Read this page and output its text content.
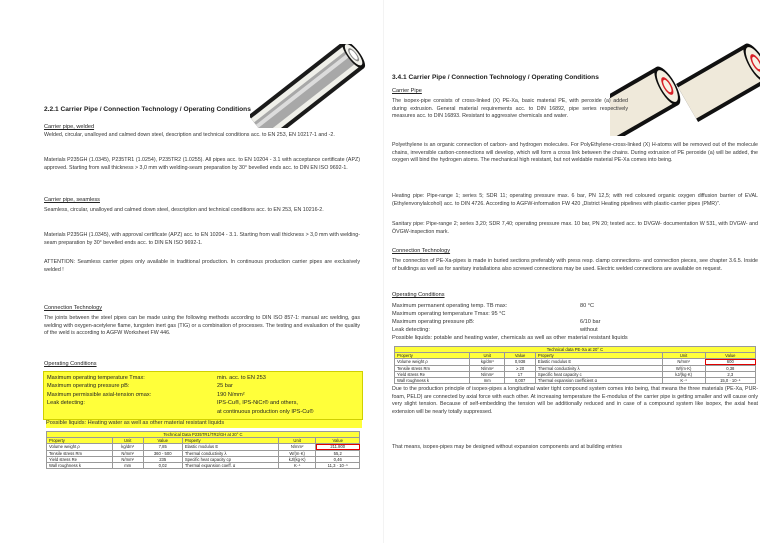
2.2.1 Carrier Pipe / Connection Technology / Operating Conditions
Carrier pipe, welded
Welded, circular, unalloyed and calmed down steel, description and technical conditions acc. to EN 253, EN 10217-1 and -2.
Materials P235GH (1.0345), P235TR1 (1.0254), P235TR2 (1.0255). All pipes acc. to EN 10204 - 3.1 with acceptance certificate (APZ) approved. Starting from wall thickness > 3,0 mm with welding-seam preparation by 30° bevelled ends acc. to DIN EN ISO 9692-1.
Carrier pipe, seamless
Seamless, circular, unalloyed and calmed down steel, description and technical conditions acc. to EN 253, EN 10216-2.
Materials P235GH (1.0345), with approval certificate (APZ) acc. to EN 10204 - 3.1. Starting from wall thickness > 3,0 mm with welding-seam preparation by 30° bevelled ends acc. to DIN EN ISO 9692-1.
ATTENTION: Seamless carrier pipes only available in traditional production. In continuous production carrier pipes are exclusively welded !
Connection Technology
The joints between the steel pipes can be made using the following methods according to DIN ISO 857-1: manual arc welding, gas welding with oxygen-acetylene flame, tungsten inert gas (TIG) or a combination of processes. The testing and evaluation of the quality of the weld is according to AGFW Worksheet FW 446.
Operating Conditions
Maximum operating temperature Tmax:	min. acc. to EN 253
Maximum operating pressure pB:	25 bar
Maximum permissible axial-tension σmax:	190 N/mm²
Leak detecting:	IPS-Cu®, IPS-NiCr® and others,
at continuous production only IPS-Cu®
Possible liquids: Heating water as well as other material resistant liquids
Technical Data P235TR1/TR2/GH at 20° C					
Property	Unit	Value	Property	Unit	Value
Volume weight ρ	kg/dm³	7,85	Elastic modulus E	N/mm²	211.800
Tensile stress Rm	N/mm²	360 - 500	Thermal conductivity λ	W/(m·K)	55,2
Yield stress Re	N/mm²	235	Specific heat capacity cp	kJ/(kg·K)	0,46
Wall roughness k	mm	0,02	Thermal expansion coeff. α	K⁻¹	11,3 · 10⁻⁶
3.4.1 Carrier Pipe / Connection Technology / Operating Conditions
Carrier Pipe
The isopex-pipe consists of cross-linked (X) PE-Xa, basic material PE, with peroxide (a) added during extrusion. General material requirements acc. to DIN 16892, pipe series respectively measures acc. to DIN 16893. Resistant to aggressive chemicals and water.
Polyethylene is an organic connection of carbon- and hydrogen molecules. For PolyEthylene-cross-linked (X) H-atoms will be removed out of the molecule chains, irreversible carbon-connections will develop, which will form a cross link between the chains. During extrusion of PE peroxide (a) will be added, the oxygen will bind the hydrogen atoms. The mechanical high resistant, but not weldable material PE-Xa comes into being.
Heating pipe: Pipe-range 1; series 5; SDR 11; operating pressure max. 6 bar, PN 12,5; with red coloured organic oxygen diffusion barrier of EVAL (Ethylenvonylalcohol) acc. to DIN 4726. According to AGFW-information FW 420 „District Heating pipelines with plastic-carrier pipes (PMR)".
Sanitary pipe: Pipe-range 2; series 3,20; SDR 7,40; operating pressure max. 10 bar, PN 20; tested acc. to DVGW- documentation W 531, with DVGW- and ÖVGW-inspection mark.
Connection Technology
The connection of PE-Xa-pipes is made in buried sections preferably with press resp. clamp connections- and connection pieces, see chapter 3.6.5. Inside of buildings as well as for sanitary installations also screwed connections may be used. Electric welded connections are available on request.
Operating Conditions
Maximum permanent operating temp. TB max:	80 °C
Maximum operating temperature Tmax: 95 °C
Maximum operating pressure pB:	6/10 bar
Leak detecting:	without
Possible liquids: potable and heating water, chemicals as well as other material resistant liquids
Technical data PE-Xa at 20° C					
Property	Unit	Value	Property	Unit	Value
Volume weight ρ	kg/dm³	0,938	Elastic modulus E	N/mm²	600
Tensile stress Rm	N/mm²	≥ 20	Thermal conductivity λ	W/(m·K)	0,38
Yield stress Re	N/mm²	17	Specific heat capacity c	kJ/(kg·K)	2,3
Wall roughness k	mm	0,007	Thermal expansion coefficient α	K⁻¹	15,0 · 10⁻⁵
Due to the production principle of isopex-pipes a longitudinal water tight compound system comes into being, that means the three materials (PE-Xa, PUR-foam, PELD) are connected by axial force with each other. At increasing temperature the E-modulus of the carrier pipe is getting smaller and will cause only very slight tension. Because of self-embedding the tension will be additionally reduced and in case of a compound system like isopex, the axial heat extension will be nearly totally suppressed.
That means, isopex-pipes may be designed without expansion components and at building entries
